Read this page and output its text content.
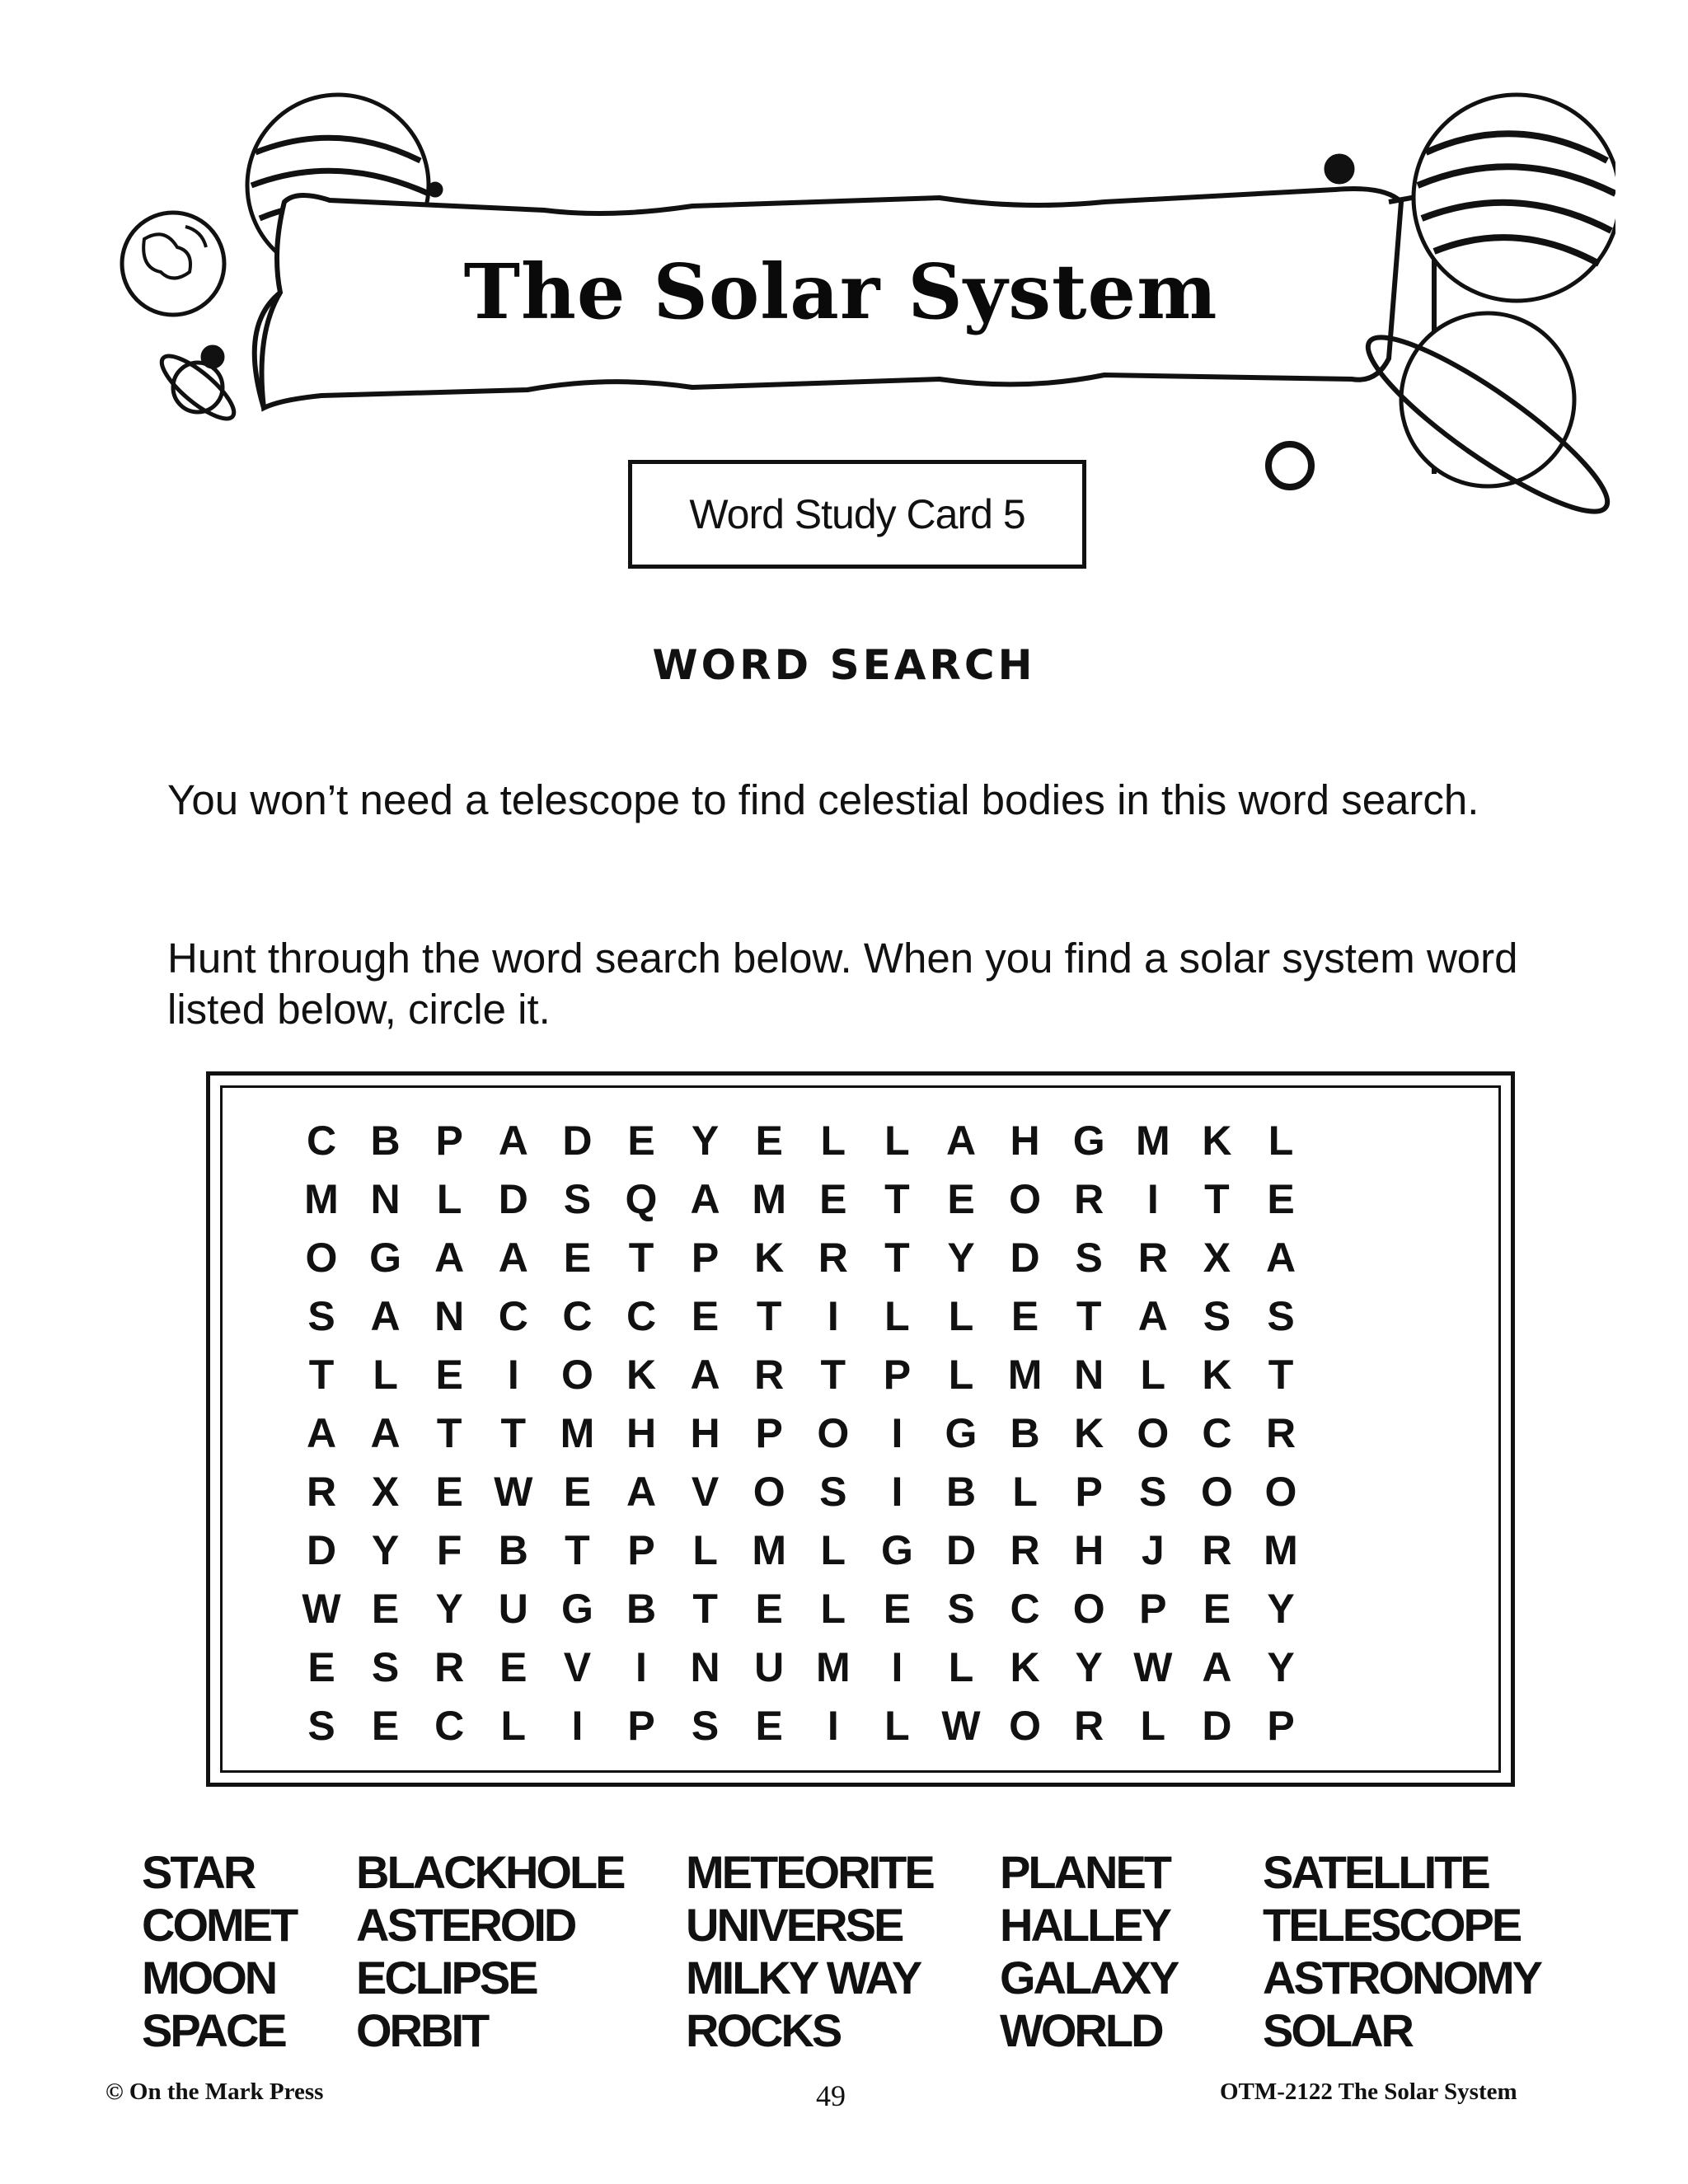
The Solar System
Word Study Card 5
WORD SEARCH
You won’t need a telescope to find celestial bodies in this word search.
Hunt through the word search below. When you find a solar system word listed below, circle it.
C B P A D E Y E L L A H G M K L
M N L D S Q A M E T E O R	I	T E
O G A A E T P K R T Y D S R X A
S A N C C C E T	I	L L E T A S S
T L E	I	O K A R T P L M N L K T
A A T T M H H P O	I	G B K O C R
R X E W E A V O S	I	B L P S O O
D Y F B T P L M L G D R H J R M
W E Y U G B T E L E S C O P E Y
E S R E V	I	N U M I	L K Y W A Y
S E C L	I	P S E	I	L W O R L D P
STAR
COMET
MOON
SPACE
BLACKHOLE
ASTEROID
ECLIPSE
ORBIT
METEORITE
UNIVERSE
MILKY WAY
ROCKS
PLANET
HALLEY
GALAXY
WORLD
SATELLITE
TELESCOPE
ASTRONOMY
SOLAR
© On the Mark Press	49	OTM-2122 The Solar System
